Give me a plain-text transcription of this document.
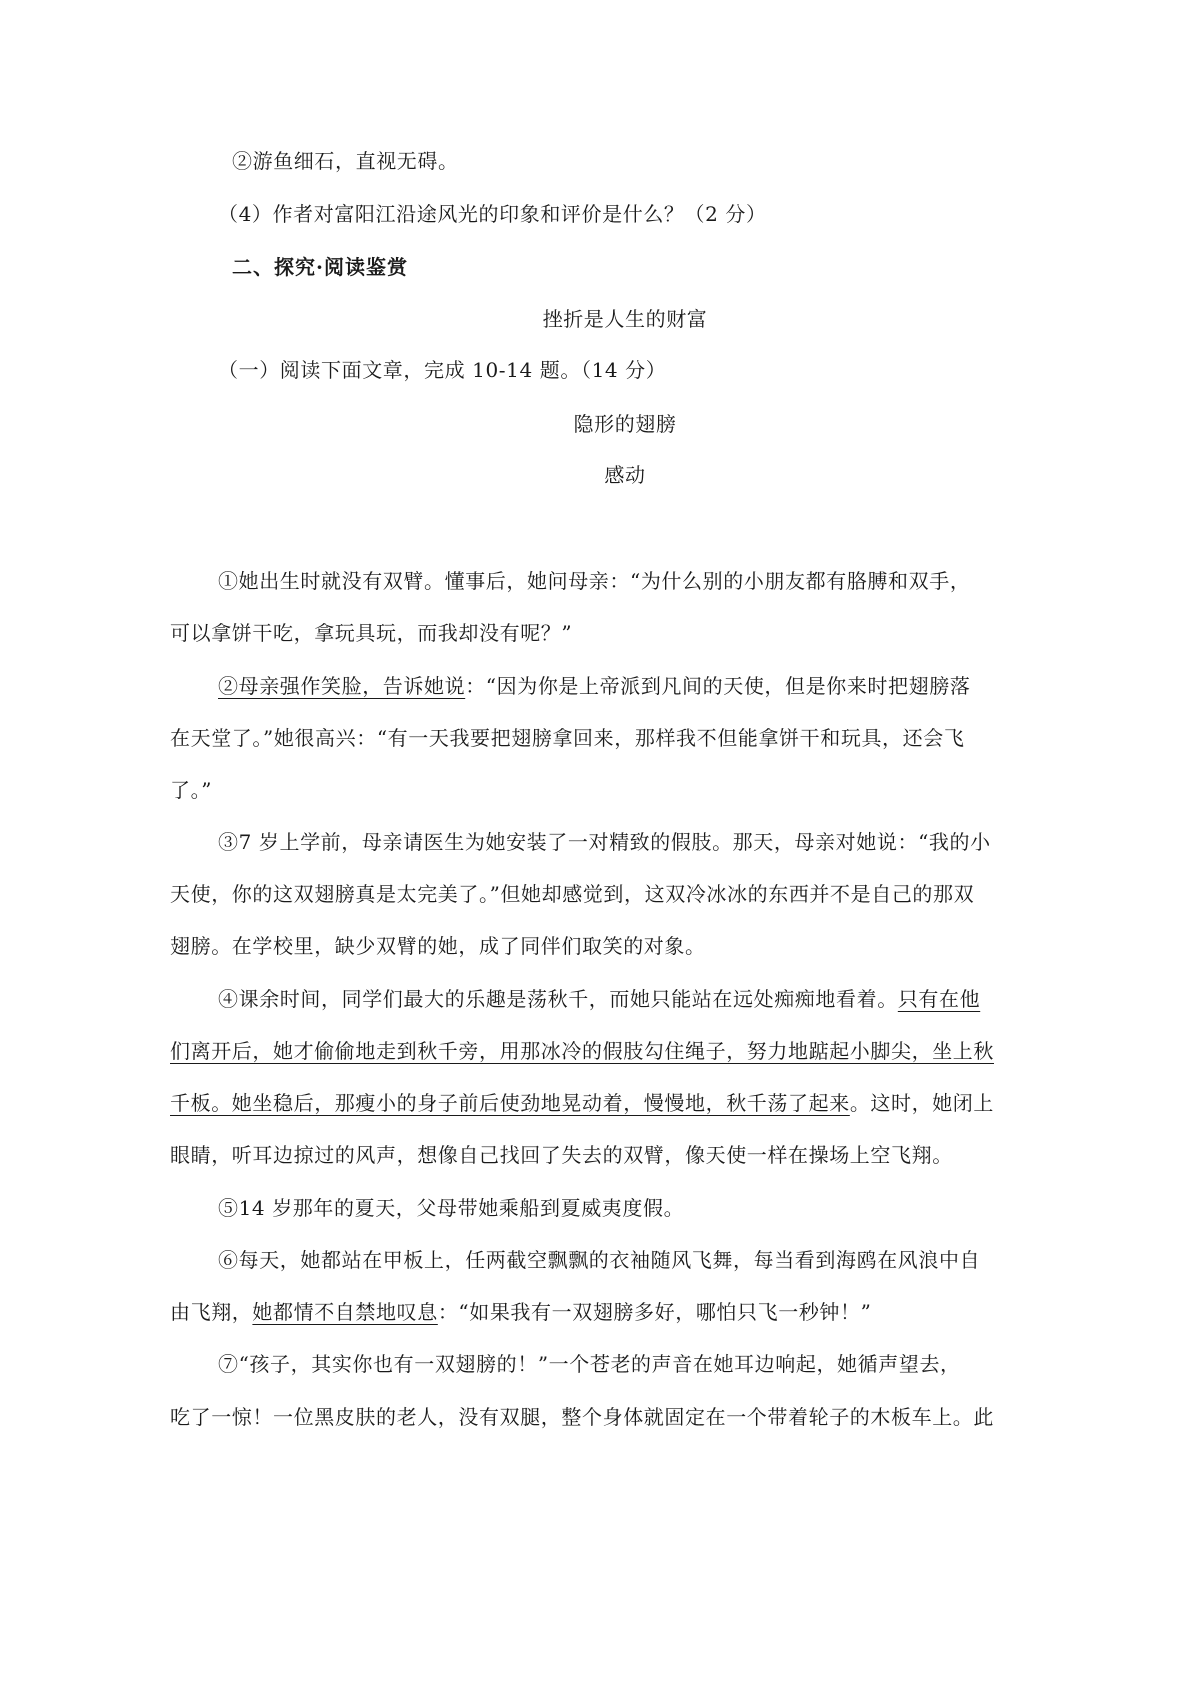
②游鱼细石，直视无碍。

（4）作者对富阳江沿途风光的印象和评价是什么？（2 分）

二、探究·阅读鉴赏

挫折是人生的财富

（一）阅读下面文章，完成 10-14 题。（14 分）

隐形的翅膀

感动

①她出生时就没有双臂。懂事后，她问母亲：“为什么别的小朋友都有胳膊和双手，

可以拿饼干吃，拿玩具玩，而我却没有呢？”

②母亲强作笑脸，告诉她说：“因为你是上帝派到凡间的天使，但是你来时把翅膀落

在天堂了。”她很高兴：“有一天我要把翅膀拿回来，那样我不但能拿饼干和玩具，还会飞

了。”

③7 岁上学前，母亲请医生为她安装了一对精致的假肢。那天，母亲对她说：“我的小

天使，你的这双翅膀真是太完美了。”但她却感觉到，这双冷冰冰的东西并不是自己的那双

翅膀。在学校里，缺少双臂的她，成了同伴们取笑的对象。

④课余时间，同学们最大的乐趣是荡秋千，而她只能站在远处痴痴地看着。只有在他

们离开后，她才偷偷地走到秋千旁，用那冰冷的假肢勾住绳子，努力地踮起小脚尖，坐上秋

千板。她坐稳后，那瘦小的身子前后使劲地晃动着，慢慢地，秋千荡了起来。这时，她闭上

眼睛，听耳边掠过的风声，想像自己找回了失去的双臂，像天使一样在操场上空飞翔。

⑤14 岁那年的夏天，父母带她乘船到夏威夷度假。

⑥每天，她都站在甲板上，任两截空飘飘的衣袖随风飞舞，每当看到海鸥在风浪中自

由飞翔，她都情不自禁地叹息：“如果我有一双翅膀多好，哪怕只飞一秒钟！”

⑦“孩子，其实你也有一双翅膀的！”一个苍老的声音在她耳边响起，她循声望去，

吃了一惊！一位黑皮肤的老人，没有双腿，整个身体就固定在一个带着轮子的木板车上。此
